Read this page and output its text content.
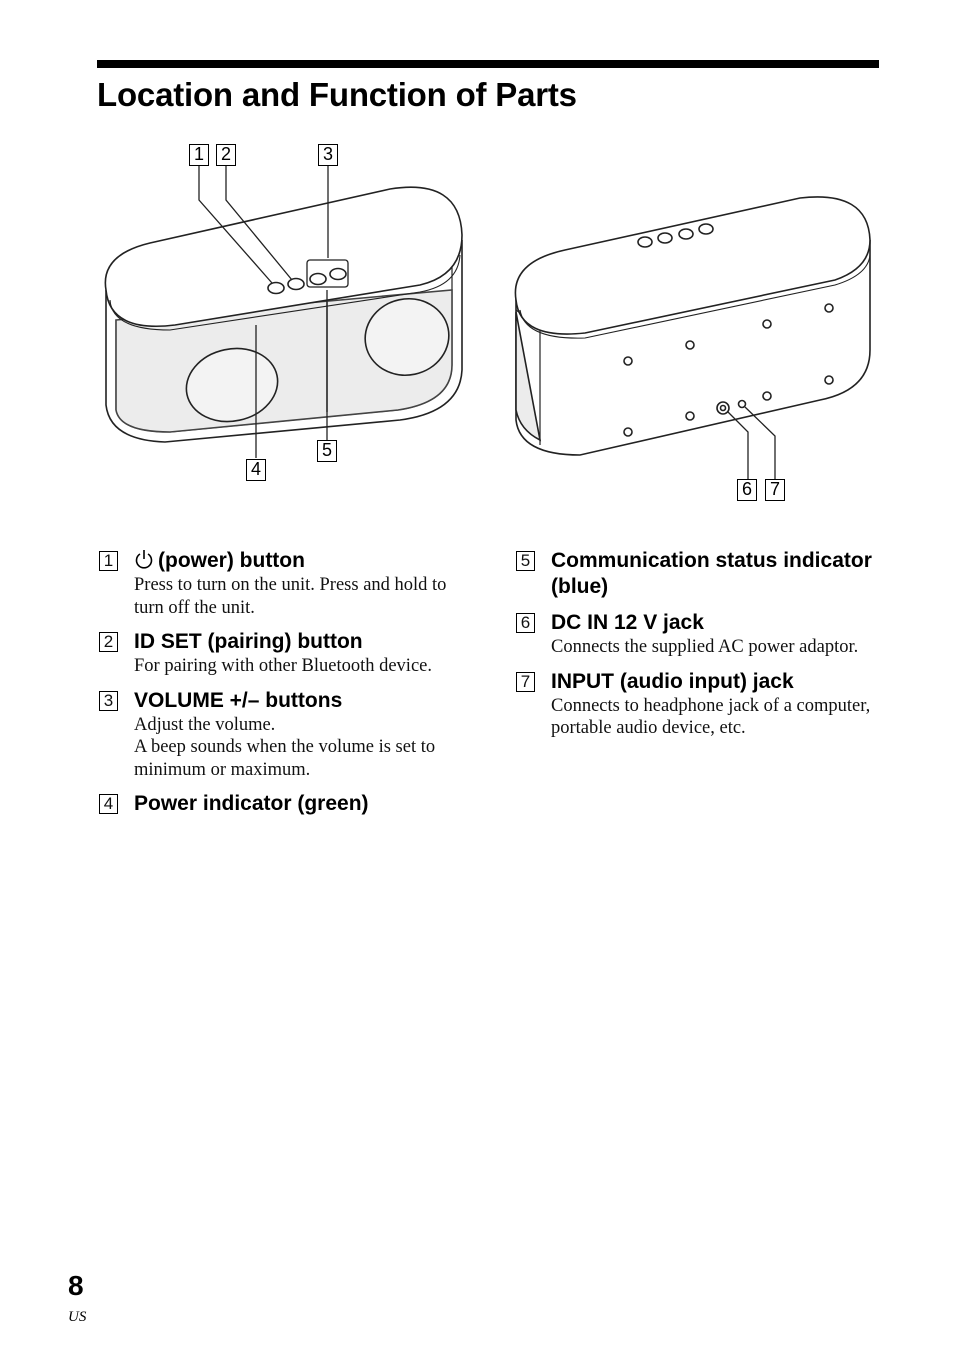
Location and Function of Parts
1 2	3
4
5
6 7
1	(power) button

Press to turn on the unit. Press and hold to turn off the unit.

2 ID SET (pairing) button

For pairing with other Bluetooth device.

3 VOLUME +/– buttons

Adjust the volume.

A beep sounds when the volume is set to minimum or maximum.

4 Power indicator (green)
5 Communication status indicator (blue)
6 DC IN 12 V jack

Connects the supplied AC power adaptor.

7 INPUT (audio input) jack

Connects to headphone jack of a computer, portable audio device, etc.

8
US
